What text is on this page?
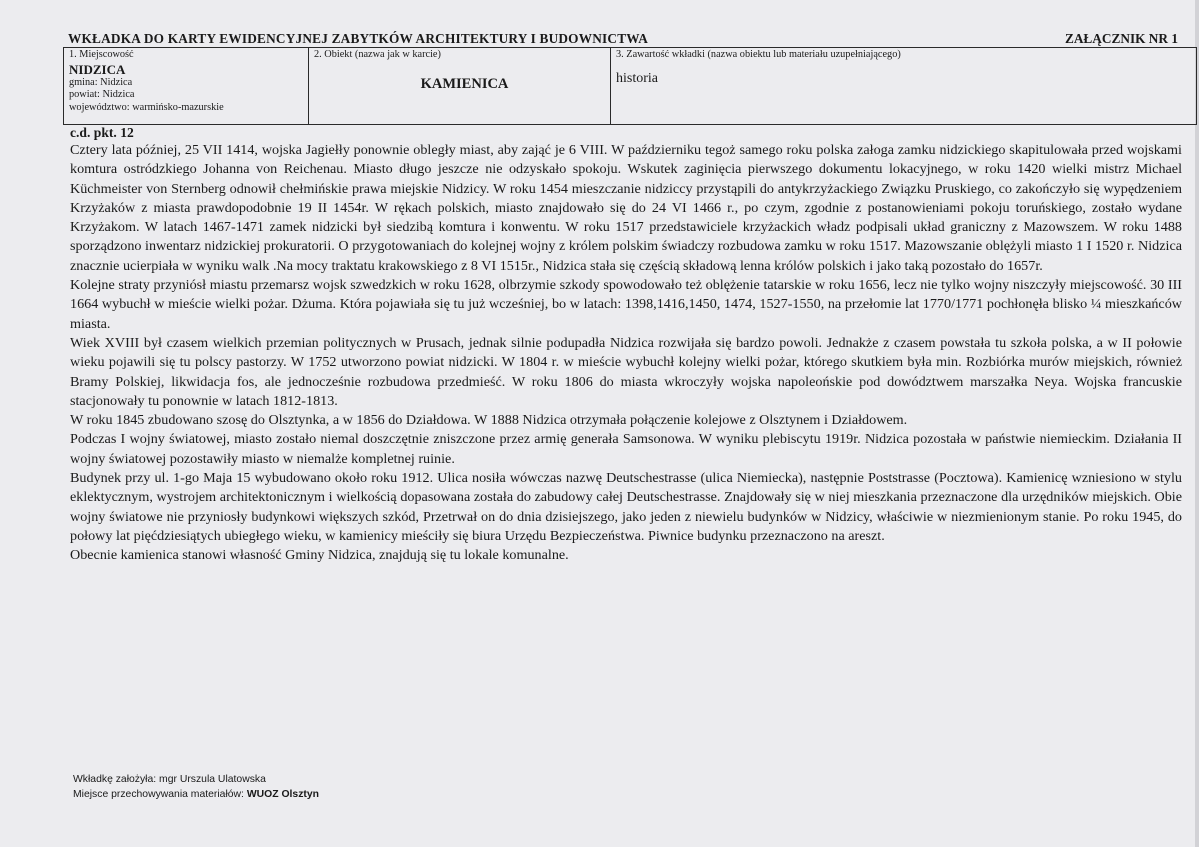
WKŁADKA DO KARTY EWIDENCYJNEJ ZABYTKÓW ARCHITEKTURY I BUDOWNICTWA	ZAŁĄCZNIK NR 1
1. Miejscowość
NIDZICA
gmina: Nidzica
powiat: Nidzica
województwo: warmińsko-mazurskie

2. Obiekt (nazwa jak w karcie)
KAMIENICA

3. Zawartość wkładki (nazwa obiektu lub materiału uzupełniającego)
historia
c.d. pkt. 12

Cztery lata później, 25 VII 1414, wojska Jagiełły ponownie obległy miast, aby zająć je 6 VIII. W październiku tegoż samego roku polska załoga zamku nidzickiego skapitulowała przed wojskami komtura ostródzkiego Johanna von Reichenau. Miasto długo jeszcze nie odzyskało spokoju. Wskutek zaginięcia pierwszego dokumentu lokacyjnego, w roku 1420 wielki mistrz Michael Küchmeister von Sternberg odnowił chełmińskie prawa miejskie Nidzicy. W roku 1454 mieszczanie nidziccy przystąpili do antykrzyżackiego Związku Pruskiego, co zakończyło się wypędzeniem Krzyżaków z miasta prawdopodobnie 19 II 1454r. W rękach polskich, miasto znajdowało się do 24 VI 1466 r., po czym, zgodnie z postanowieniami pokoju toruńskiego, zostało wydane Krzyżakom. W latach 1467-1471 zamek nidzicki był siedzibą komtura i konwentu. W roku 1517 przedstawiciele krzyżackich władz podpisali układ graniczny z Mazowszem. W roku 1488 sporządzono inwentarz nidzickiej prokuratorii. O przygotowaniach do kolejnej wojny z królem polskim świadczy rozbudowa zamku w roku 1517. Mazowszanie oblężyli miasto 1 I 1520 r. Nidzica znacznie ucierpiała w wyniku walk .Na mocy traktatu krakowskiego z 8 VI 1515r., Nidzica stała się częścią składową lenna królów polskich i jako taką pozostało do 1657r.

Kolejne straty przyniósł miastu przemarsz wojsk szwedzkich w roku 1628, olbrzymie szkody spowodowało też oblężenie tatarskie w roku 1656, lecz nie tylko wojny niszczyły miejscowość. 30 III 1664 wybuchł w mieście wielki pożar. Dżuma. Która pojawiała się tu już wcześniej, bo w latach: 1398,1416,1450, 1474, 1527-1550, na przełomie lat 1770/1771 pochłonęła blisko ¼ mieszkańców miasta.

Wiek XVIII był czasem wielkich przemian politycznych w Prusach, jednak silnie podupadła Nidzica rozwijała się bardzo powoli. Jednakże z czasem powstała tu szkoła polska, a w II połowie wieku pojawili się tu polscy pastorzy. W 1752 utworzono powiat nidzicki. W 1804 r. w mieście wybuchł kolejny wielki pożar, którego skutkiem była min. Rozbiórka murów miejskich, również Bramy Polskiej, likwidacja fos, ale jednocześnie rozbudowa przedmieść. W roku 1806 do miasta wkroczyły wojska napoleońskie pod dowództwem marszałka Neya. Wojska francuskie stacjonowały tu ponownie w latach 1812-1813.

W roku 1845 zbudowano szosę do Olsztynka, a w 1856 do Działdowa. W 1888 Nidzica otrzymała połączenie kolejowe z Olsztynem i Działdowem.

Podczas I wojny światowej, miasto zostało niemal doszczętnie zniszczone przez armię generała Samsonowa. W wyniku plebiscytu 1919r. Nidzica pozostała w państwie niemieckim. Działania II wojny światowej pozostawiły miasto w niemalże kompletnej ruinie.

Budynek przy ul. 1-go Maja 15 wybudowano około roku 1912. Ulica nosiła wówczas nazwę Deutschestrasse (ulica Niemiecka), następnie Poststrasse (Pocztowa). Kamienicę wzniesiono w stylu eklektycznym, wystrojem architektonicznym i wielkością dopasowana została do zabudowy całej Deutschestrasse. Znajdowały się w niej mieszkania przeznaczone dla urzędników miejskich. Obie wojny światowe nie przyniosły budynkowi większych szkód, Przetrwał on do dnia dzisiejszego, jako jeden z niewielu budynków w Nidzicy, właściwie w niezmienionym stanie. Po roku 1945, do połowy lat pięćdziesiątych ubiegłego wieku, w kamienicy mieściły się biura Urzędu Bezpieczeństwa. Piwnice budynku przeznaczono na areszt.

Obecnie kamienica stanowi własność Gminy Nidzica, znajdują się tu lokale komunalne.

Wkładkę założyła: mgr Urszula Ulatowska
Miejsce przechowywania materiałów: WUOZ Olsztyn
